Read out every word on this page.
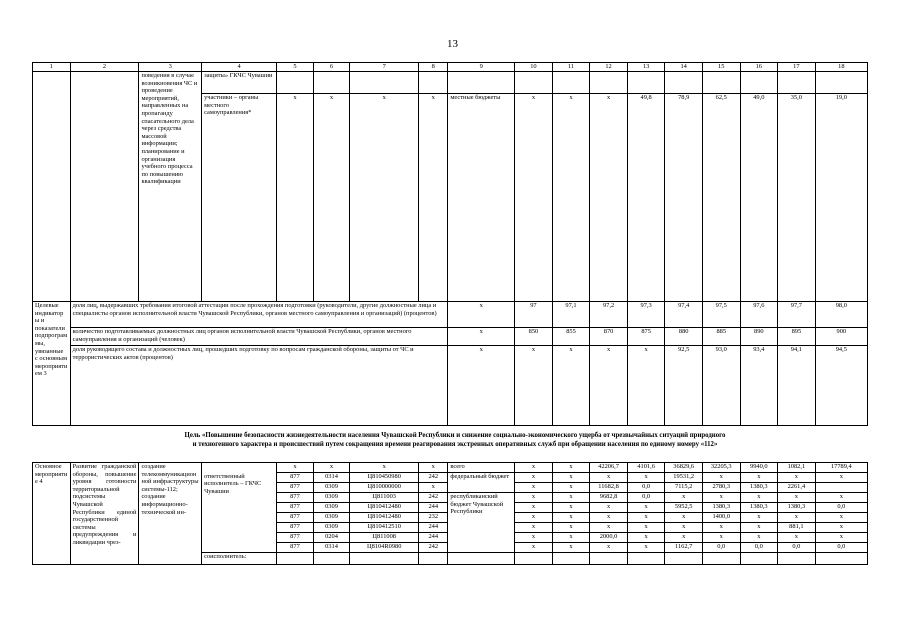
13
1	2	3	4	5	6	7	8	9	10	11	12	13	14	15	16	17	18
		поведения в случае возникновения ЧС и проведение мероприятий, направленных на пропаганду спасательного дела через средства массовой информации; планирование и организация учебного процесса по повышению квалификации	защиты» ГКЧС Чувашии														
			участники – органы местного самоуправления*	x	x	x	x	местные бюджеты	x	x	x	49,8	78,9	62,5	49,0	35,0	19,0
Целевые индикаторы и показатели подпрограммы, увязанные с основным мероприятием 3	доля лиц, выдержавших требования итоговой аттестации после прохождения подготовки (руководители, другие должностные лица и специалисты органов исполнительной власти Чувашской Республики, органов местного самоуправления и организаций) (процентов)							x	97	97,1	97,2	97,3	97,4	97,5	97,6	97,7	98,0
	количество подготавливаемых должностных лиц органов исполнительной власти Чувашской Республики, органов местного самоуправления и организаций (человек)							x	850	855	870	875	880	885	890	895	900
	доля руководящего состава и должностных лиц, прошедших подготовку по вопросам гражданской обороны, защиты от ЧС и террористических актов (процентов)							x	x	x	x	x	92,5	93,0	93,4	94,1	94,5
Цель «Повышение безопасности жизнедеятельности населения Чувашской Республики и снижение социально-экономического ущерба от чрезвычайных ситуаций природного
и техногенного характера и происшествий путем сокращения времени реагирования экстренных оперативных служб при обращении населения по единому номеру «112»
Основное мероприятие 4	Развитие гражданской обороны, повышение уровня готовности территориальной подсистемы Чувашской Республики единой государственной системы предупреждения и ликвидации чрез-	создание телекоммуникационной инфраструктуры системы-112; создание информационно-технической ин-		x	x	x	x	всего	x	x	42206,7	4101,6	36829,6	32205,3	9940,0	1082,1	17789,4
			ответственный исполнитель – ГКЧС Чувашии	877	0314	Ц810450980	242	федеральный бюджет	x	x	x	x	19531,2	x	x	x	x
				877	0309	Ц810000000	x		x	x	11682,8	0,0	7115,2	2780,3	1380,3	2261,4	
				877	0309	Ц811003	242	республиканский бюджет Чувашской Республики	x	x	9682,8	0,0	x	x	x	x	x
				877	0309	Ц810412480	244		x	x	x	x	5952,5	1380,3	1380,3	1380,3	0,0
				877	0309	Ц810412480	232		x	x	x	x	x	1400,0	x	x	x
				877	0309	Ц810412510	244		x	x	x	x	x	x	x	881,1	x
				877	0204	Ц811008	244		x	x	2000,0	x	x	x	x	x	x
				877	0314	Ц8104R0980	242		x	x	x	x	1162,7	0,0	0,0	0,0	0,0
			соисполнитель:														
